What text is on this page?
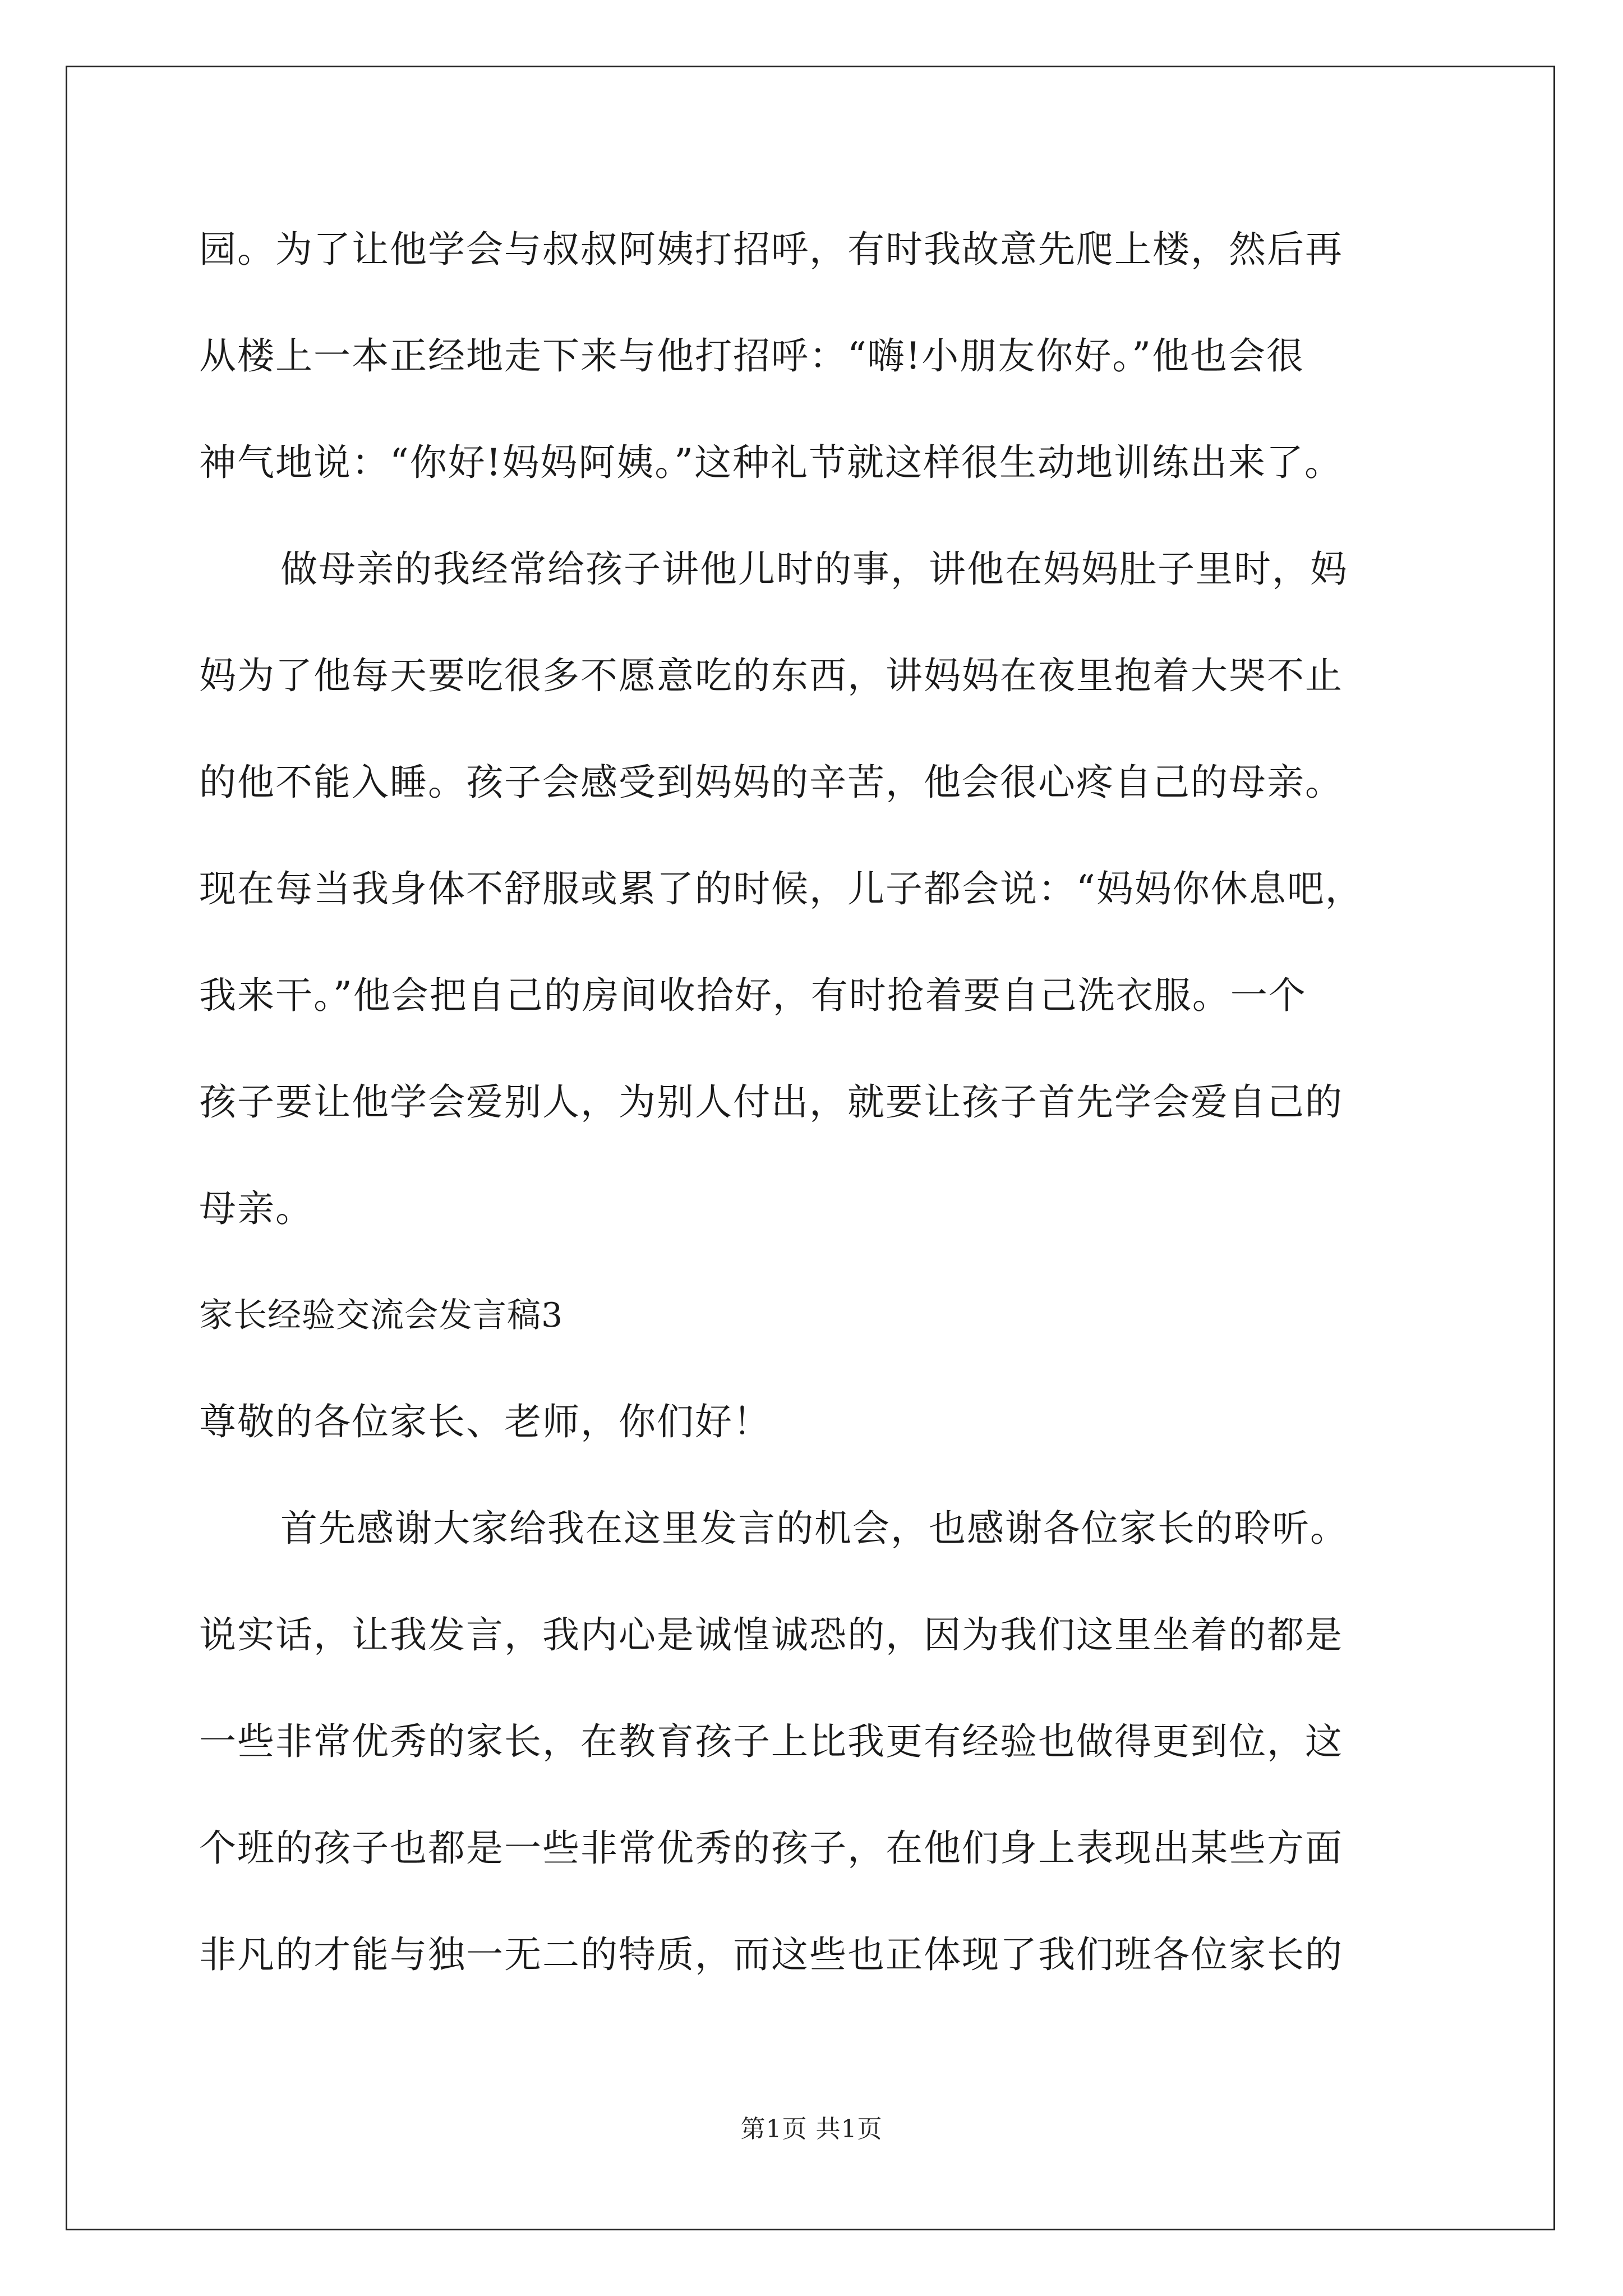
园。为了让他学会与叔叔阿姨打招呼，有时我故意先爬上楼，然后再
从楼上一本正经地走下来与他打招呼：“嗨!小朋友你好。”他也会很
神气地说：“你好!妈妈阿姨。”这种礼节就这样很生动地训练出来了。
做母亲的我经常给孩子讲他儿时的事，讲他在妈妈肚子里时，妈
妈为了他每天要吃很多不愿意吃的东西，讲妈妈在夜里抱着大哭不止
的他不能入睡。孩子会感受到妈妈的辛苦，他会很心疼自己的母亲。
现在每当我身体不舒服或累了的时候，儿子都会说：“妈妈你休息吧，
我来干。”他会把自己的房间收拾好，有时抢着要自己洗衣服。一个
孩子要让他学会爱别人，为别人付出，就要让孩子首先学会爱自己的
母亲。
家长经验交流会发言稿3
尊敬的各位家长、老师，你们好！
首先感谢大家给我在这里发言的机会，也感谢各位家长的聆听。
说实话，让我发言，我内心是诚惶诚恐的，因为我们这里坐着的都是
一些非常优秀的家长，在教育孩子上比我更有经验也做得更到位，这
个班的孩子也都是一些非常优秀的孩子，在他们身上表现出某些方面
非凡的才能与独一无二的特质，而这些也正体现了我们班各位家长的
第1页 共1页
